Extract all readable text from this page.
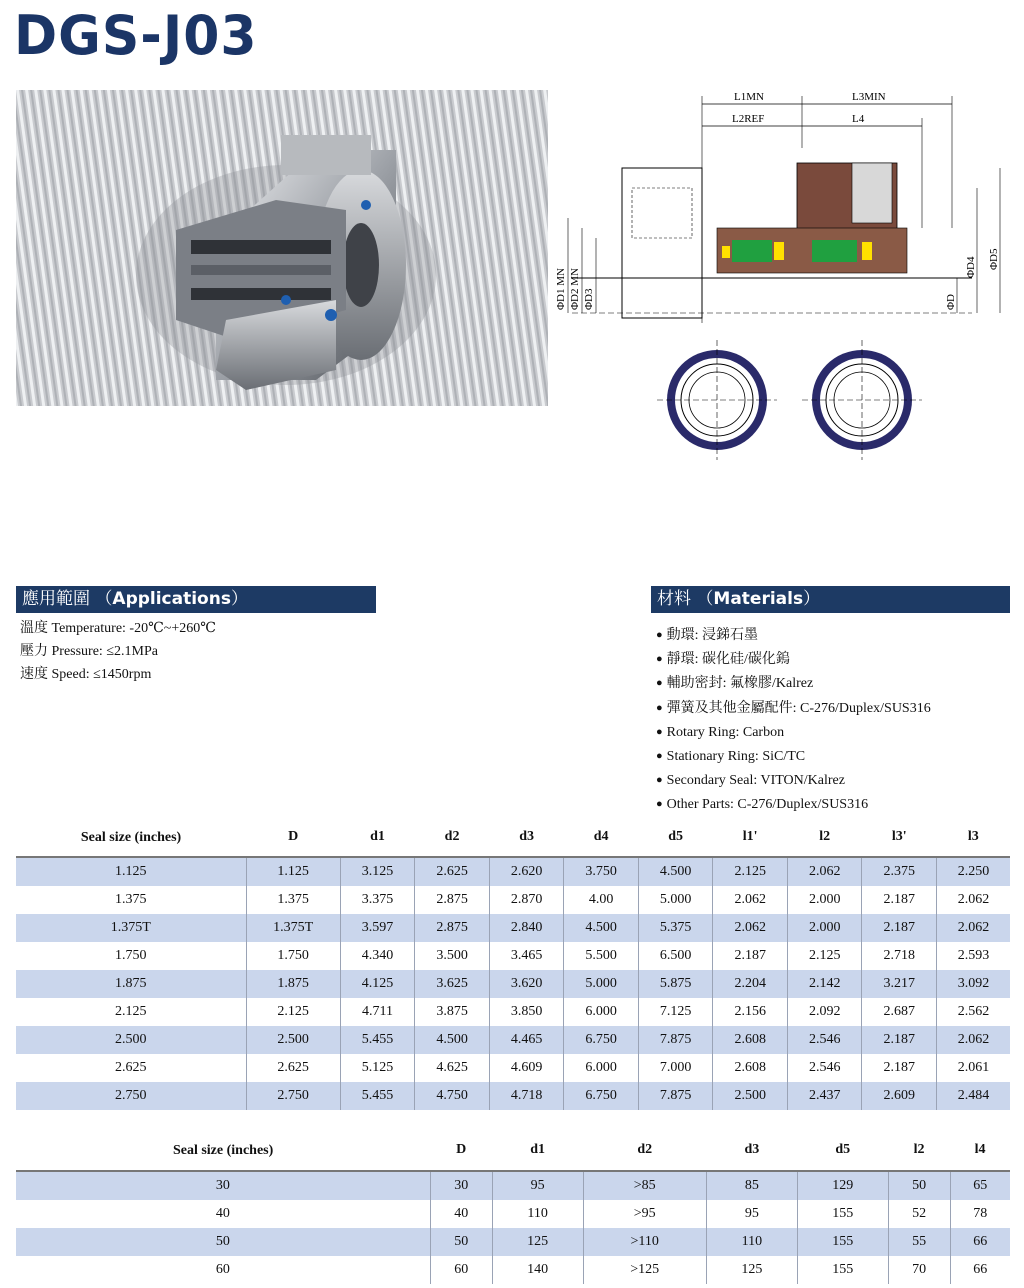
DGS-J03
L1MN	L3MIN
L2REF	L4
ΦD1 MN ΦD2 MN ΦD3	ΦD
ΦD4 ΦD5
應用範圍 （Applications）	材料 （Materials）
溫度 Temperature: -20℃~+260℃
壓力 Pressure: ≤2.1MPa
速度 Speed: ≤1450rpm
● 動環: 浸銻石墨
● 靜環: 碳化硅/碳化鎢
● 輔助密封: 氟橡膠/Kalrez
● 彈簧及其他金屬配件: C-276/Duplex/SUS316
● Rotary Ring: Carbon
● Stationary Ring: SiC/TC
● Secondary Seal: VITON/Kalrez
● Other Parts: C-276/Duplex/SUS316
Seal size (inches)	D	d1	d2	d3	d4	d5	l1'	l2	l3'	l3
1.125	1.125	3.125	2.625	2.620	3.750	4.500	2.125	2.062	2.375	2.250
1.375	1.375	3.375	2.875	2.870	4.00	5.000	2.062	2.000	2.187	2.062
1.375T	1.375T	3.597	2.875	2.840	4.500	5.375	2.062	2.000	2.187	2.062
1.750	1.750	4.340	3.500	3.465	5.500	6.500	2.187	2.125	2.718	2.593
1.875	1.875	4.125	3.625	3.620	5.000	5.875	2.204	2.142	3.217	3.092
2.125	2.125	4.711	3.875	3.850	6.000	7.125	2.156	2.092	2.687	2.562
2.500	2.500	5.455	4.500	4.465	6.750	7.875	2.608	2.546	2.187	2.062
2.625	2.625	5.125	4.625	4.609	6.000	7.000	2.608	2.546	2.187	2.061
2.750	2.750	5.455	4.750	4.718	6.750	7.875	2.500	2.437	2.609	2.484
Seal size (inches)	D	d1	d2	d3	d5	l2	l4
30	30	95	>85	85	129	50	65
40	40	110	>95	95	155	52	78
50	50	125	>110	110	155	55	66
60	60	140	>125	125	155	70	66
